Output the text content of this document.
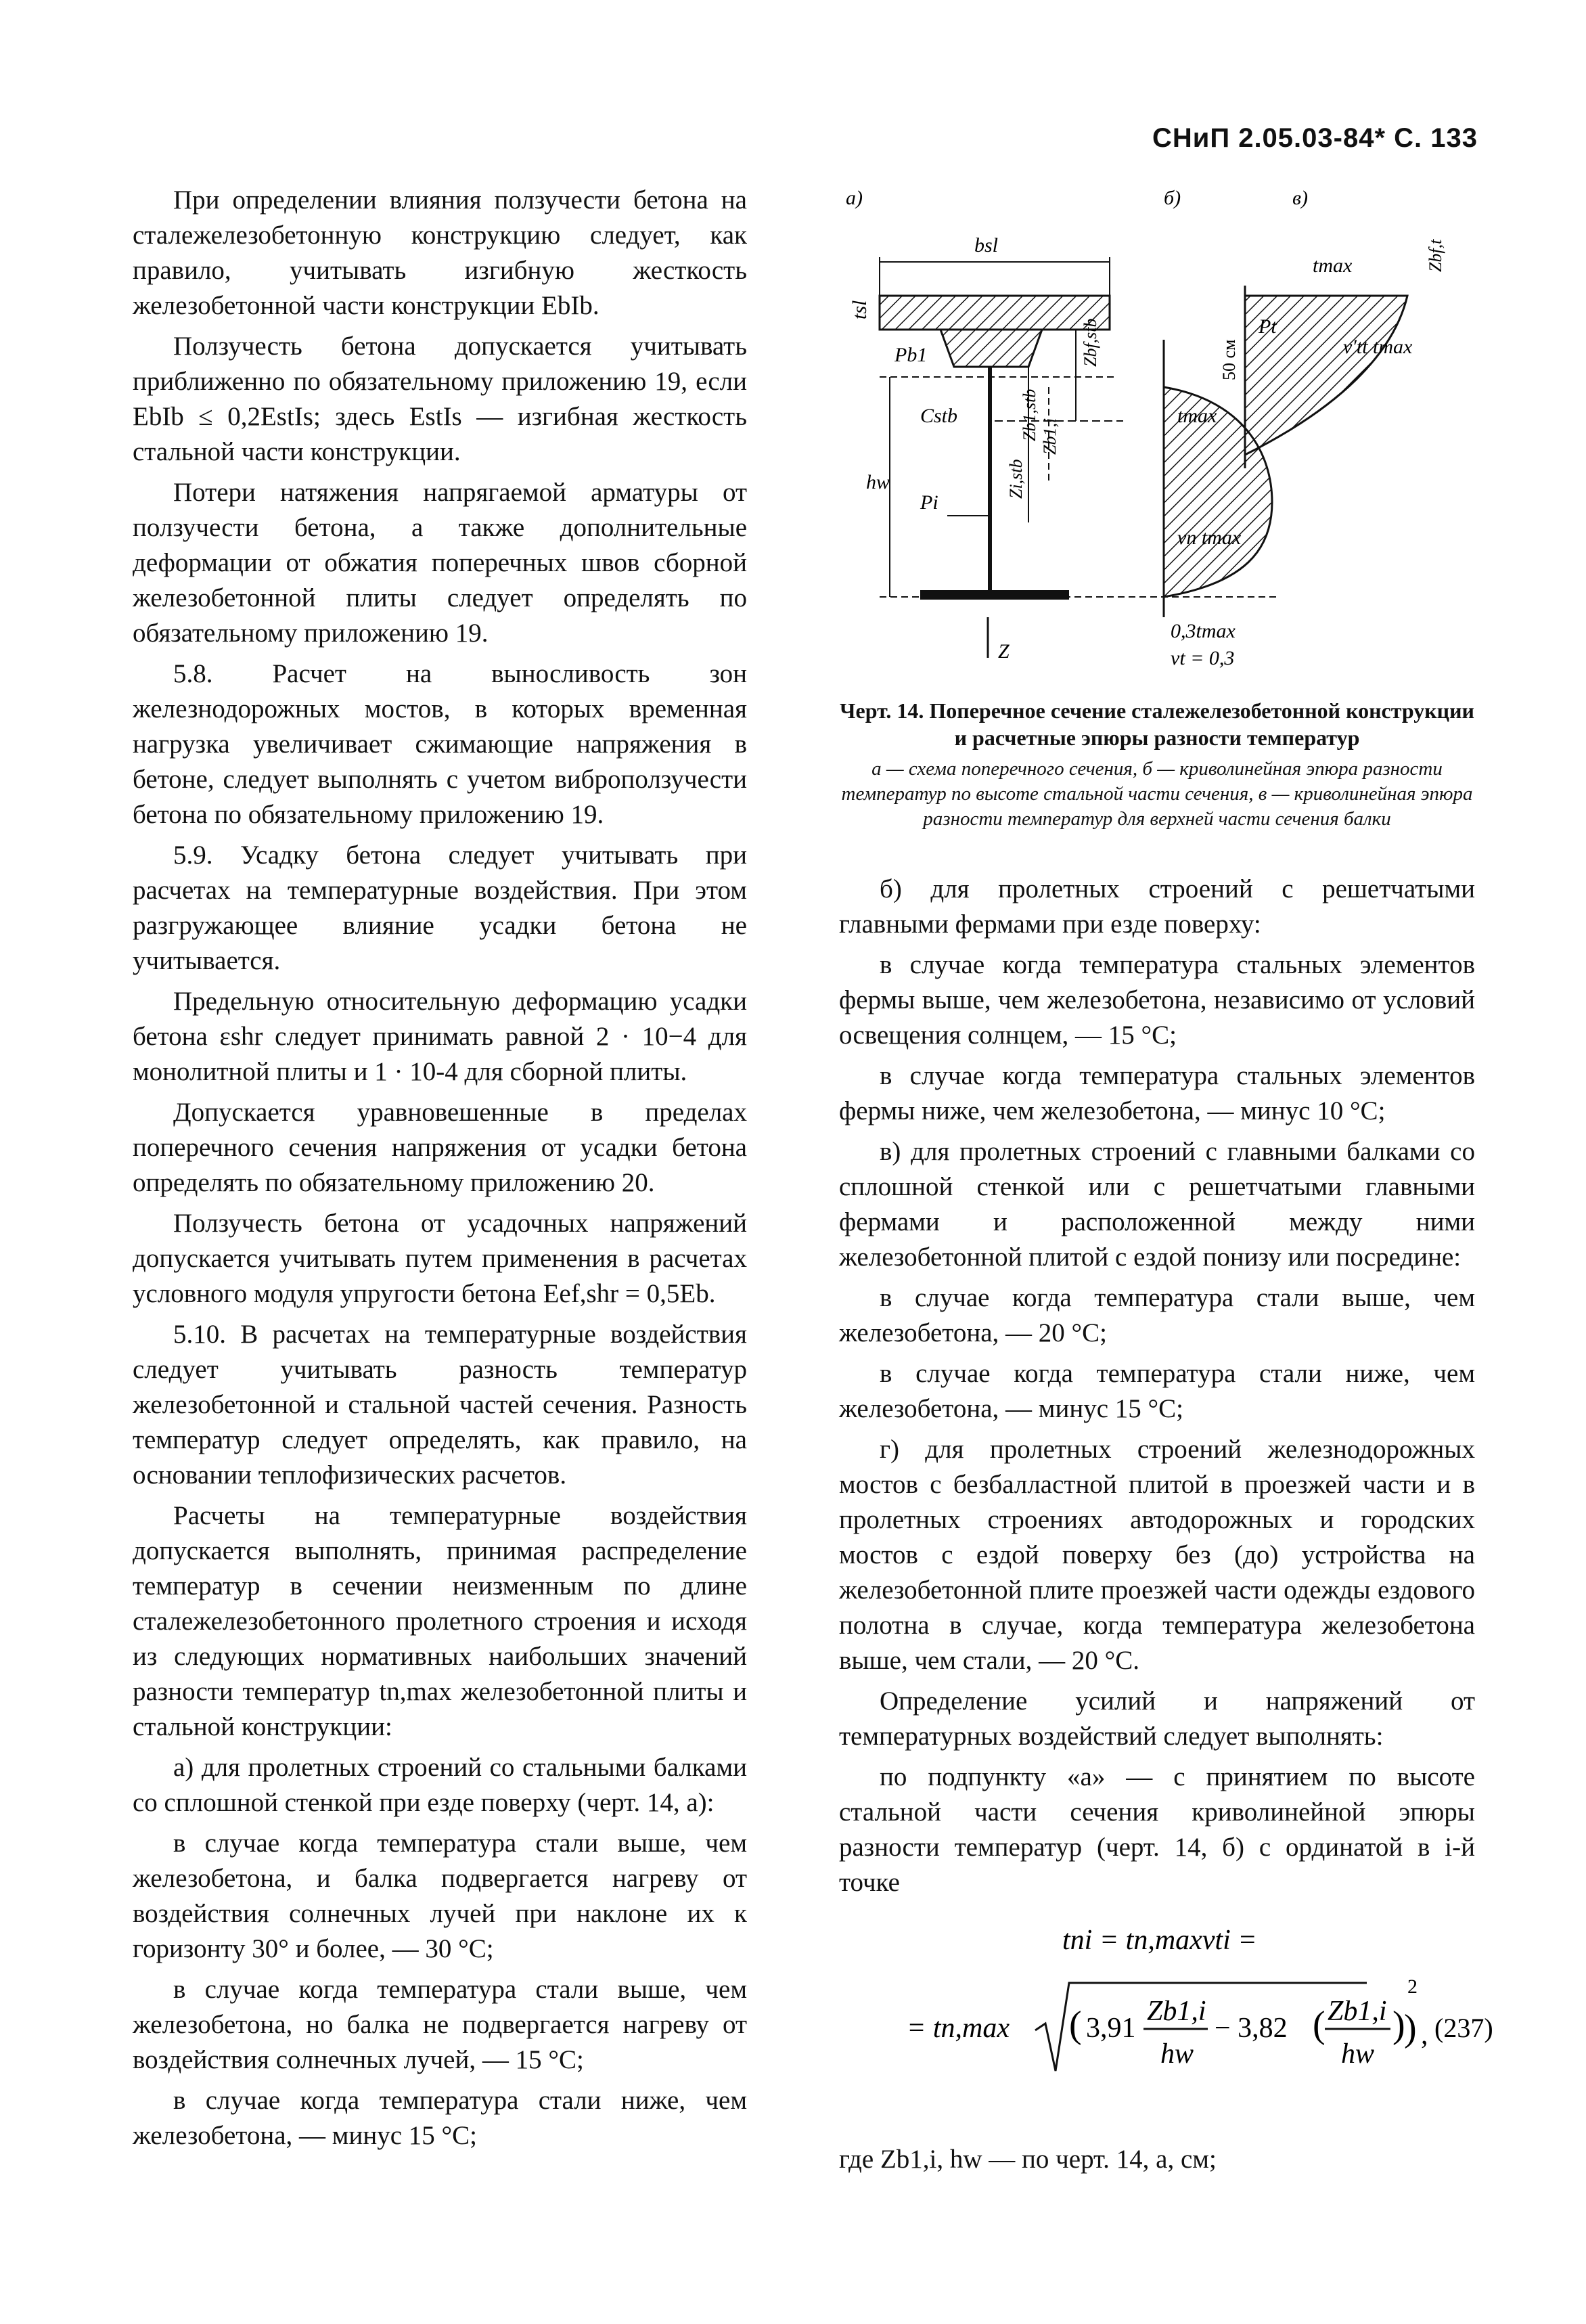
СНиП 2.05.03-84* С. 133

При определении влияния ползучести бетона на сталежелезобетонную конструкцию следует, как правило, учитывать изгибную жесткость железобетонной части конструкции EbIb.

Ползучесть бетона допускается учитывать приближенно по обязательному приложению 19, если EbIb ≤ 0,2EstIs; здесь EstIs — изгибная жесткость стальной части конструкции.

Потери натяжения напрягаемой арматуры от ползучести бетона, а также дополнительные деформации от обжатия поперечных швов сборной железобетонной плиты следует определять по обязательному приложению 19.

5.8. Расчет на выносливость зон железнодорожных мостов, в которых временная нагрузка увеличивает сжимающие напряжения в бетоне, следует выполнять с учетом виброползучести бетона по обязательному приложению 19.

5.9. Усадку бетона следует учитывать при расчетах на температурные воздействия. При этом разгружающее влияние усадки бетона не учитывается.

Предельную относительную деформацию усадки бетона εshr следует принимать равной 2 · 10−4 для монолитной плиты и 1 · 10-4 для сборной плиты.

Допускается уравновешенные в пределах поперечного сечения напряжения от усадки бетона определять по обязательному приложению 20.

Ползучесть бетона от усадочных напряжений допускается учитывать путем применения в расчетах условного модуля упругости бетона Eef,shr = 0,5Eb.

5.10. В расчетах на температурные воздействия следует учитывать разность температур железобетонной и стальной частей сечения. Разность температур следует определять, как правило, на основании теплофизических расчетов.

Расчеты на температурные воздействия допускается выполнять, принимая распределение температур в сечении неизменным по длине сталежелезобетонного пролетного строения и исходя из следующих нормативных наибольших значений разности температур tn,max железобетонной плиты и стальной конструкции:

а) для пролетных строений со стальными балками со сплошной стенкой при езде поверху (черт. 14, а):

в случае когда температура стали выше, чем железобетона, и балка подвергается нагреву от воздействия солнечных лучей при наклоне их к горизонту 30° и более, — 30 °С;

в случае когда температура стали выше, чем железобетона, но балка не подвергается нагреву от воздействия солнечных лучей, — 15 °С;

в случае когда температура стали ниже, чем железобетона, — минус 15 °С;

а)	б)	в)
bsl
tsl
Pb1
Cstb
Pi
hw
Zb1,stb
Zi,stb
Zb1,i
Zbf,stb
Z
tmax
vn tmax
50 см
0,3tmax
vt = 0,3
tmax
Pt
v′tt tmax
Zbf,t
Черт. 14. Поперечное сечение сталежелезобетонной конструкции и расчетные эпюры разности температур
а — схема поперечного сечения, б — криволинейная эпюра разности температур по высоте стальной части сечения, в — криволинейная эпюра разности температур для верхней части сечения балки

б) для пролетных строений с решетчатыми главными фермами при езде поверху:

в случае когда температура стальных элементов фермы выше, чем железобетона, независимо от условий освещения солнцем, — 15 °С;

в случае когда температура стальных элементов фермы ниже, чем железобетона, — минус 10 °С;

в) для пролетных строений с главными балками со сплошной стенкой или с решетчатыми главными фермами и расположенной между ними железобетонной плитой с ездой понизу или посредине:

в случае когда температура стали выше, чем железобетона, — 20 °С;

в случае когда температура стали ниже, чем железобетона, — минус 15 °С;

г) для пролетных строений железнодорожных мостов с безбалластной плитой в проезжей части и в пролетных строениях автодорожных и городских мостов с ездой поверху без (до) устройства на железобетонной плите проезжей части одежды ездового полотна в случае, когда температура железобетона выше, чем стали, — 20 °С.

Определение усилий и напряжений от температурных воздействий следует выполнять:

по подпункту «а» — с принятием по высоте стальной части сечения криволинейной эпюры разности температур (черт. 14, б) с ординатой в i-й точке

tni = tn,maxvti =
= tn,max ( 3,91
Zb1,i
hw
− 3,82 ( Zb1,i
hw
)
2
) , (237)
где Zb1,i, hw — по черт. 14, а, см;
